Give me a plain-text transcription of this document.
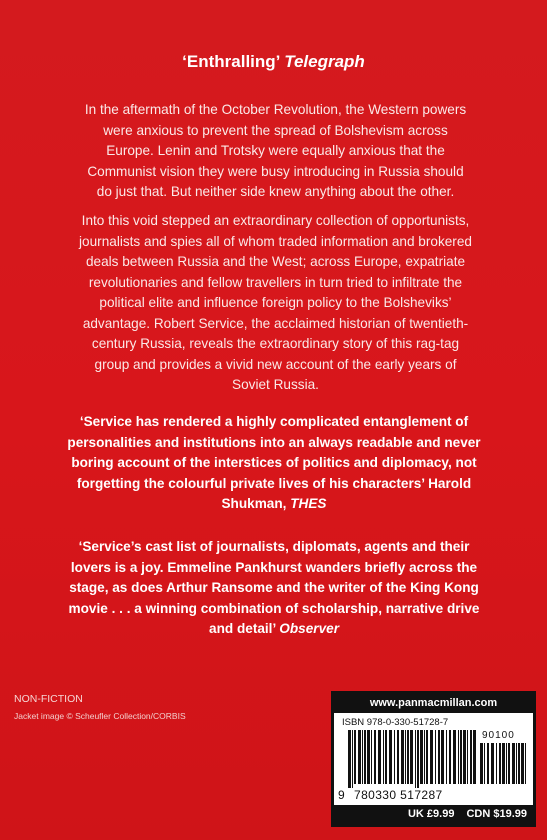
‘Enthralling’ Telegraph

In the aftermath of the October Revolution, the Western powers were anxious to prevent the spread of Bolshevism across Europe. Lenin and Trotsky were equally anxious that the Communist vision they were busy introducing in Russia should do just that. But neither side knew anything about the other.

Into this void stepped an extraordinary collection of opportunists, journalists and spies all of whom traded information and brokered deals between Russia and the West; across Europe, expatriate revolutionaries and fellow travellers in turn tried to infiltrate the political elite and influence foreign policy to the Bolsheviks’ advantage. Robert Service, the acclaimed historian of twentieth-century Russia, reveals the extraordinary story of this rag-tag group and provides a vivid new account of the early years of Soviet Russia.

‘Service has rendered a highly complicated entanglement of personalities and institutions into an always readable and never boring account of the interstices of politics and diplomacy, not forgetting the colourful private lives of his characters’ Harold Shukman, THES

‘Service’s cast list of journalists, diplomats, agents and their lovers is a joy. Emmeline Pankhurst wanders briefly across the stage, as does Arthur Ransome and the writer of the King Kong movie . . . a winning combination of scholarship, narrative drive and detail’ Observer

NON-FICTION
Jacket image © Scheufler Collection/CORBIS
www.panmacmillan.com
ISBN 978-0-330-51728-7
90100
9 780330 517287
UK £9.99 CDN $19.99
